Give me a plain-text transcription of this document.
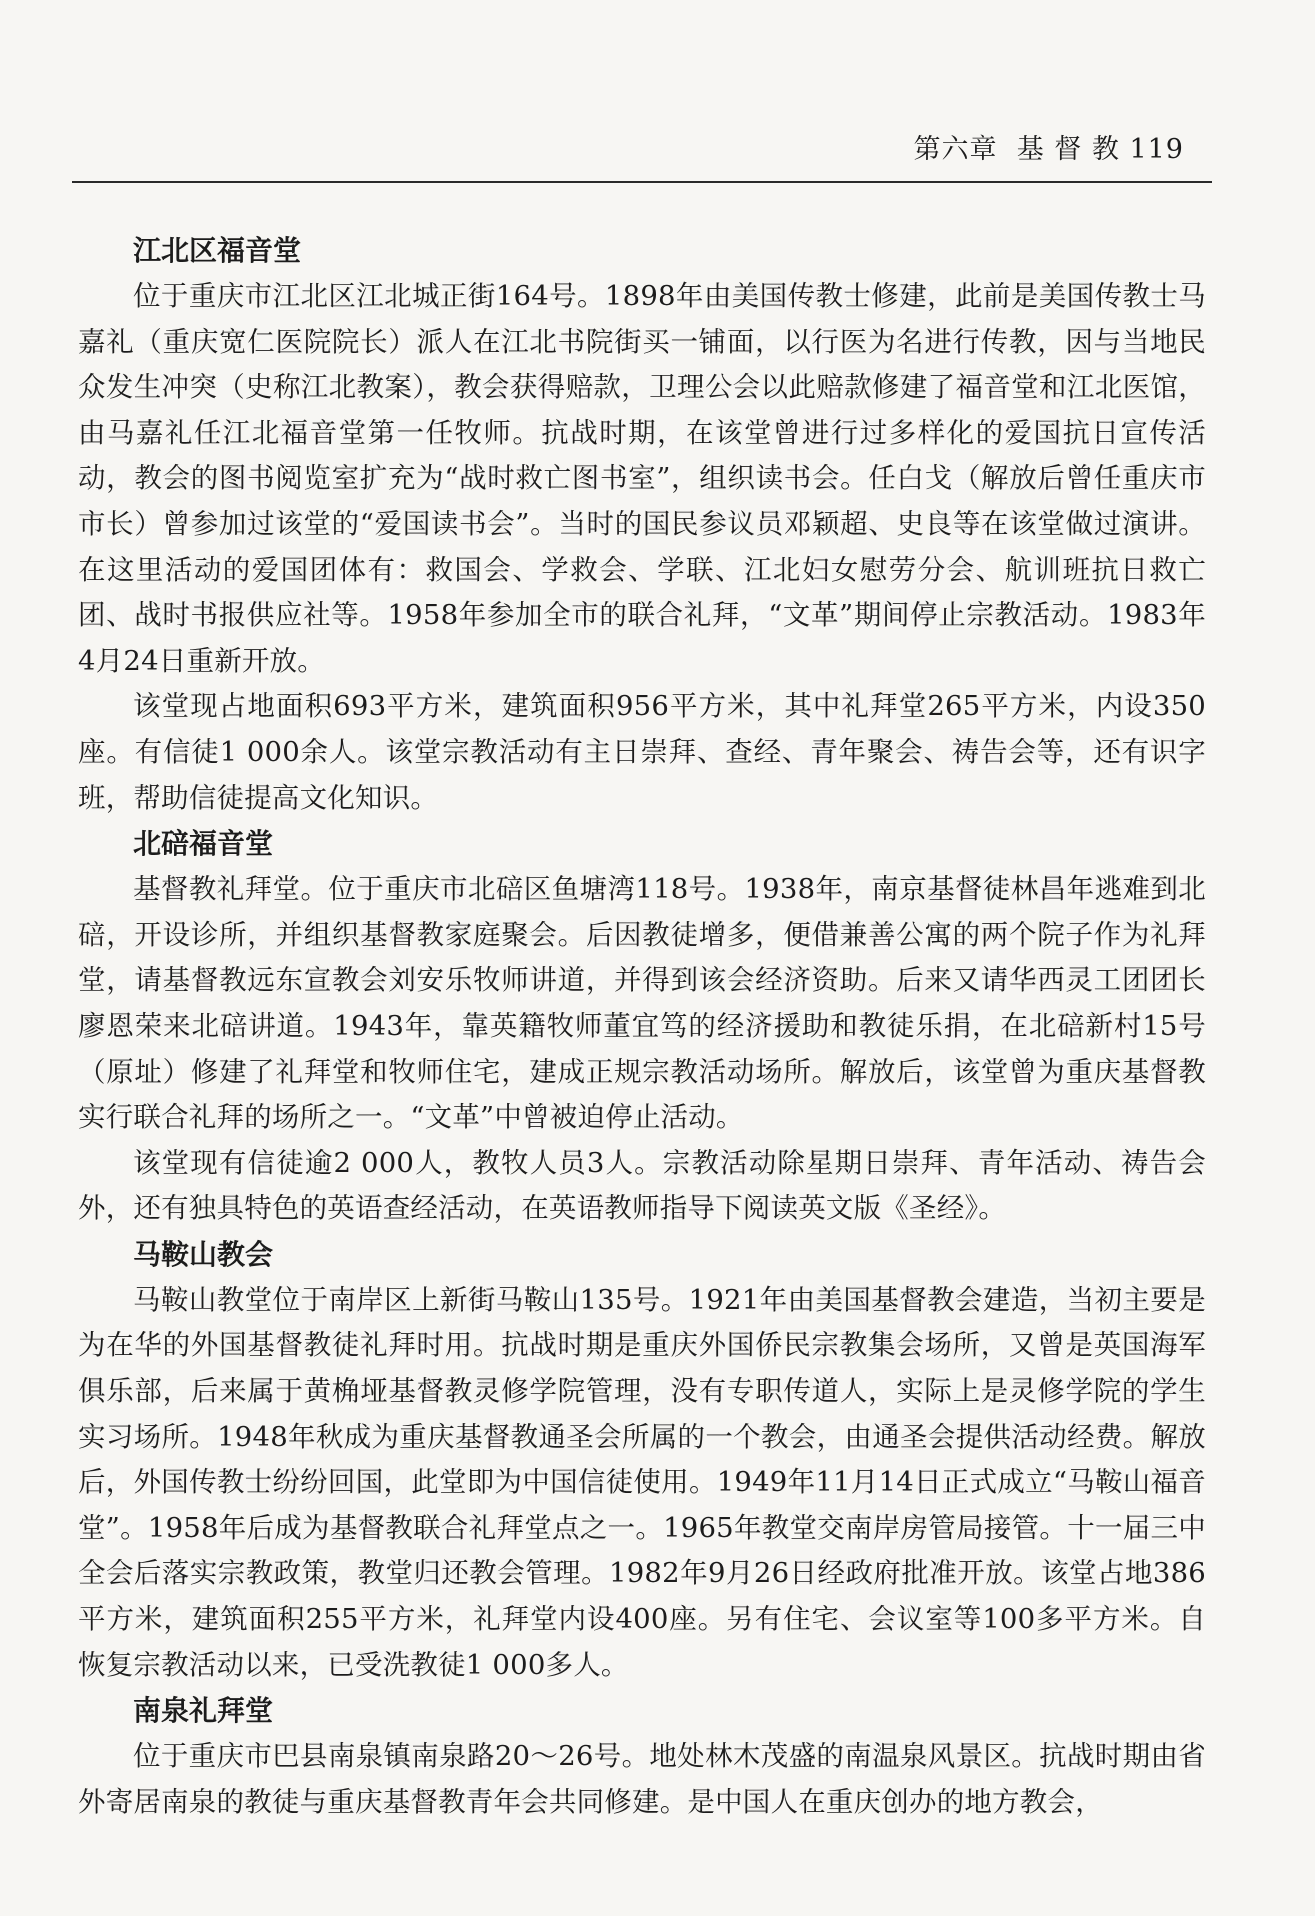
第六章 基 督 教 119
江北区福音堂

位于重庆市江北区江北城正街164号。1898年由美国传教士修建，此前是美国传教士马嘉礼（重庆宽仁医院院长）派人在江北书院街买一铺面，以行医为名进行传教，因与当地民众发生冲突（史称江北教案），教会获得赔款，卫理公会以此赔款修建了福音堂和江北医馆，由马嘉礼任江北福音堂第一任牧师。抗战时期，在该堂曾进行过多样化的爱国抗日宣传活动，教会的图书阅览室扩充为“战时救亡图书室”，组织读书会。任白戈（解放后曾任重庆市市长）曾参加过该堂的“爱国读书会”。当时的国民参议员邓颖超、史良等在该堂做过演讲。在这里活动的爱国团体有：救国会、学救会、学联、江北妇女慰劳分会、航训班抗日救亡团、战时书报供应社等。1958年参加全市的联合礼拜，“文革”期间停止宗教活动。1983年4月24日重新开放。

该堂现占地面积693平方米，建筑面积956平方米，其中礼拜堂265平方米，内设350座。有信徒1 000余人。该堂宗教活动有主日崇拜、查经、青年聚会、祷告会等，还有识字班，帮助信徒提高文化知识。

北碚福音堂

基督教礼拜堂。位于重庆市北碚区鱼塘湾118号。1938年，南京基督徒林昌年逃难到北碚，开设诊所，并组织基督教家庭聚会。后因教徒增多，便借兼善公寓的两个院子作为礼拜堂，请基督教远东宣教会刘安乐牧师讲道，并得到该会经济资助。后来又请华西灵工团团长廖恩荣来北碚讲道。1943年，靠英籍牧师董宜笃的经济援助和教徒乐捐，在北碚新村15号（原址）修建了礼拜堂和牧师住宅，建成正规宗教活动场所。解放后，该堂曾为重庆基督教实行联合礼拜的场所之一。“文革”中曾被迫停止活动。

该堂现有信徒逾2 000人，教牧人员3人。宗教活动除星期日崇拜、青年活动、祷告会外，还有独具特色的英语查经活动，在英语教师指导下阅读英文版《圣经》。

马鞍山教会

马鞍山教堂位于南岸区上新街马鞍山135号。1921年由美国基督教会建造，当初主要是为在华的外国基督教徒礼拜时用。抗战时期是重庆外国侨民宗教集会场所，又曾是英国海军俱乐部，后来属于黄桷垭基督教灵修学院管理，没有专职传道人，实际上是灵修学院的学生实习场所。1948年秋成为重庆基督教通圣会所属的一个教会，由通圣会提供活动经费。解放后，外国传教士纷纷回国，此堂即为中国信徒使用。1949年11月14日正式成立“马鞍山福音堂”。1958年后成为基督教联合礼拜堂点之一。1965年教堂交南岸房管局接管。十一届三中全会后落实宗教政策，教堂归还教会管理。1982年9月26日经政府批准开放。该堂占地386平方米，建筑面积255平方米，礼拜堂内设400座。另有住宅、会议室等100多平方米。自恢复宗教活动以来，已受洗教徒1 000多人。

南泉礼拜堂

位于重庆市巴县南泉镇南泉路20～26号。地处林木茂盛的南温泉风景区。抗战时期由省外寄居南泉的教徒与重庆基督教青年会共同修建。是中国人在重庆创办的地方教会，
